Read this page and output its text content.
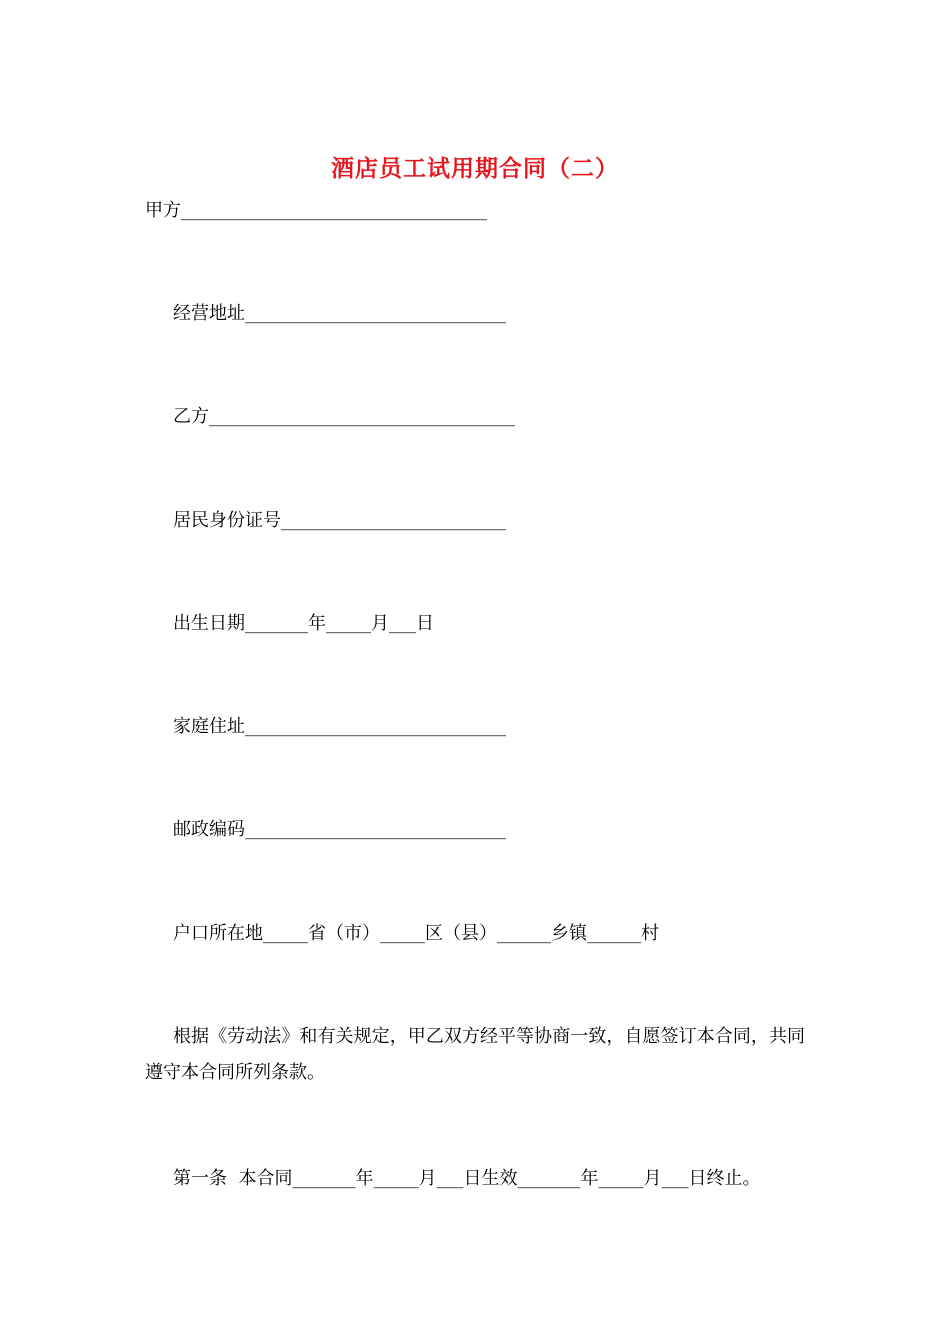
酒店员工试用期合同（二）
甲方__________________________________
经营地址_____________________________
乙方__________________________________
居民身份证号_________________________
出生日期_______年_____月___日
家庭住址_____________________________
邮政编码_____________________________
户口所在地_____省（市）_____区（县）______乡镇______村
根据《劳动法》和有关规定，甲乙双方经平等协商一致，自愿签订本合同，共同遵守本合同所列条款。
第一条  本合同_______年_____月___日生效_______年_____月___日终止。
